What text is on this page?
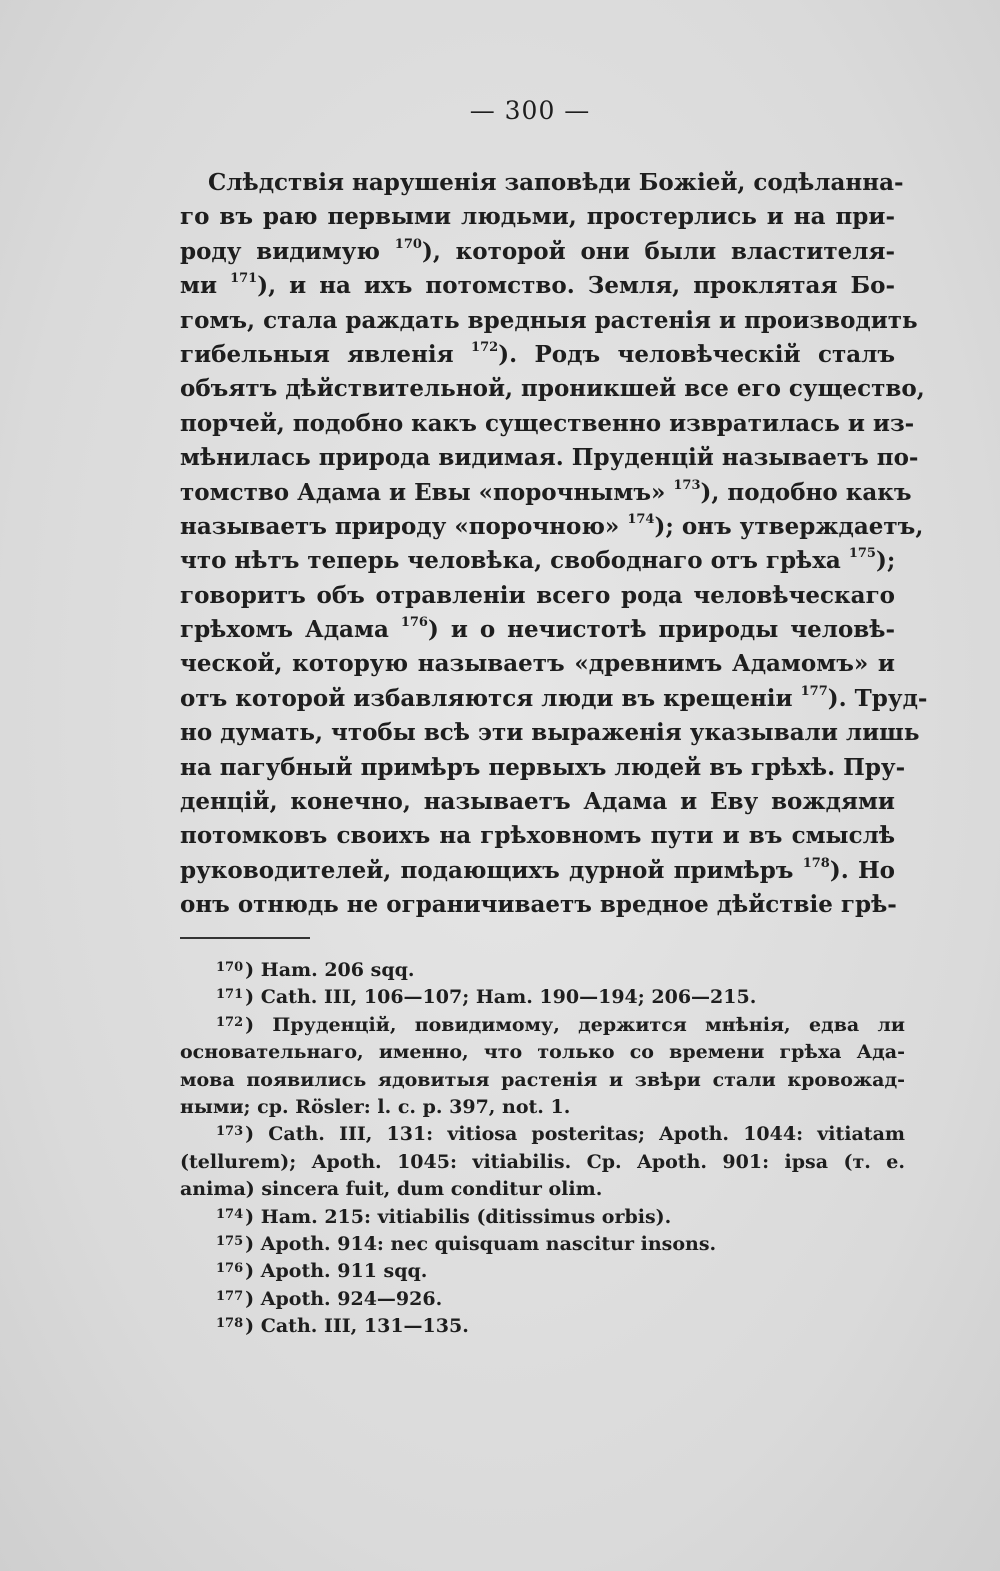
— 300 —
Слѣдствія нарушенія заповѣди Божіей, содѣланна-
го въ раю первыми людьми, простерлись и на при-
роду видимую $^{170}$), которой они были властителя-
ми $^{171}$), и на ихъ потомство. Земля, проклятая Бо-
гомъ, стала раждать вредныя растенія и производить
гибельныя явленія $^{172}$). Родъ человѣческій сталъ
объятъ дѣйствительной, проникшей все его существо,
порчей, подобно какъ существенно извратилась и из-
мѣнилась природа видимая. Пруденцій называетъ по-
томство Адама и Евы «порочнымъ» $^{173}$), подобно какъ
называетъ природу «порочною» $^{174}$); онъ утверждаетъ,
что нѣтъ теперь человѣка, свободнаго отъ грѣха $^{175}$);
говоритъ объ отравленіи всего рода человѣческаго
грѣхомъ Адама $^{176}$) и о нечистотѣ природы человѣ-
ческой, которую называетъ «древнимъ Адамомъ» и
отъ которой избавляются люди въ крещеніи $^{177}$). Труд-
но думать, чтобы всѣ эти выраженія указывали лишь
на пагубный примѣръ первыхъ людей въ грѣхѣ. Пру-
денцій, конечно, называетъ Адама и Еву вождями
потомковъ своихъ на грѣховномъ пути и въ смыслѣ
руководителей, подающихъ дурной примѣръ $^{178}$). Но
онъ отнюдь не ограничиваетъ вредное дѣйствіе грѣ-
$^{170}$ ) Ham. 206 sqq.
$^{171}$ ) Cath. III, 106—107; Ham. 190—194; 206—215.
$^{172}$ ) Пруденцій, повидимому, держится мнѣнія, едва ли
основательнаго, именно, что только со времени грѣха Ада-
мова появились ядовитыя растенія и звѣри стали кровожад-
ными; ср. Rösler: l. c. p. 397, not. 1.
$^{173}$ ) Cath. III, 131: vitiosa posteritas; Apoth. 1044: vitiatam
(tellurem); Apoth. 1045: vitiabilis. Cp. Apoth. 901: ipsa (т. е.
anima) sincera fuit, dum conditur olim.
$^{174}$ ) Ham. 215: vitiabilis (ditissimus orbis).
$^{175}$ ) Apoth. 914: nec quisquam nascitur insons.
$^{176}$ ) Apoth. 911 sqq.
$^{177}$ ) Apoth. 924—926.
$^{178}$ ) Cath. III, 131—135.
